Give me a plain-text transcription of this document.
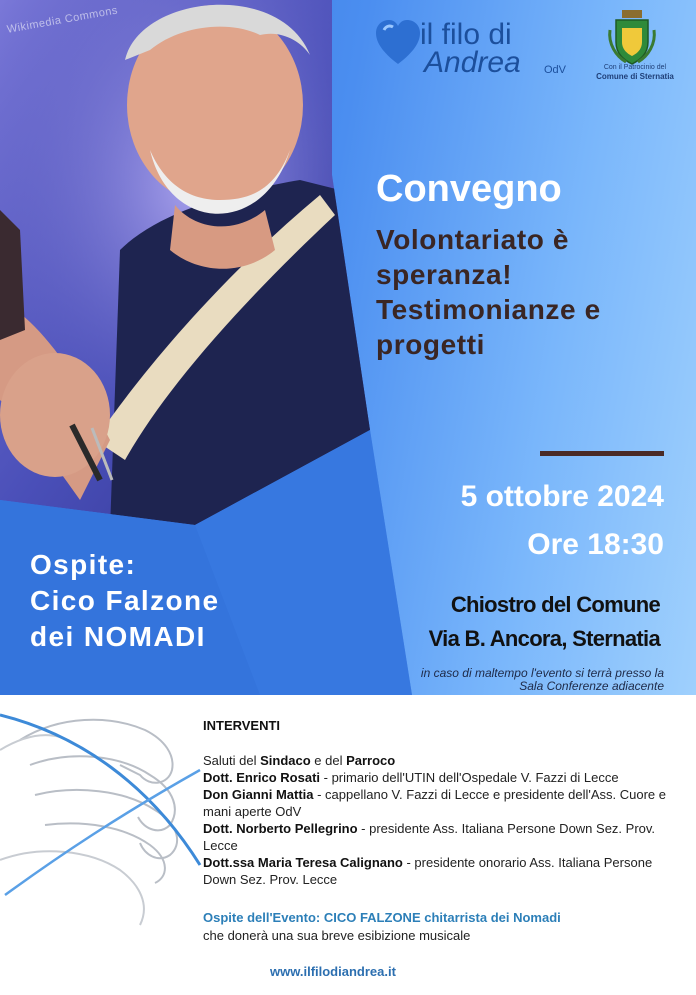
Wikimedia Commons	il filo di
Andrea OdV	Con il Patrocinio del
Comune di Sternatia
Convegno
Volontariato è speranza! Testimonianze e progetti
5 ottobre 2024
Ore 18:30
Ospite:
Cico Falzone
dei NOMADI
Chiostro del Comune
Via B. Ancora, Sternatia
in caso di maltempo l'evento si terrà presso la Sala Conferenze adiacente
INTERVENTI

Saluti del Sindaco e del Parroco

Dott. Enrico Rosati - primario dell'UTIN dell'Ospedale V. Fazzi di Lecce

Don Gianni Mattia - cappellano V. Fazzi di Lecce e presidente dell'Ass. Cuore e mani aperte OdV

Dott. Norberto Pellegrino - presidente Ass. Italiana Persone Down Sez. Prov. Lecce

Dott.ssa Maria Teresa Calignano - presidente onorario Ass. Italiana Persone Down Sez. Prov. Lecce

Ospite dell'Evento: CICO FALZONE chitarrista dei Nomadi
che donerà una sua breve esibizione musicale
www.ilfilodiandrea.it
